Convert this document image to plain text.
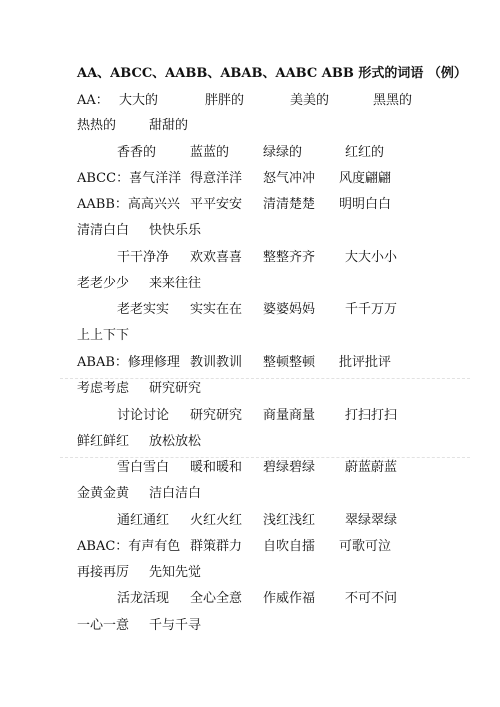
AA、ABCC、AABB、ABAB、AABC ABB 形式的词语 （例）
AA： 大大的	胖胖的	美美的	黑黑的
热热的	甜甜的
香香的	蓝蓝的	绿绿的	红红的
ABCC：喜气洋洋 得意洋洋 怒气冲冲 风度翩翩
AABB：高高兴兴 平平安安 清清楚楚 明明白白
清清白白 快快乐乐
干干净净 欢欢喜喜 整整齐齐 大大小小
老老少少 来来往往
老老实实 实实在在 婆婆妈妈 千千万万
上上下下
ABAB：修理修理 教训教训 整顿整顿 批评批评
考虑考虑 研究研究
讨论讨论 研究研究 商量商量 打扫打扫
鲜红鲜红 放松放松
雪白雪白 暖和暖和 碧绿碧绿 蔚蓝蔚蓝
金黄金黄 洁白洁白
通红通红 火红火红 浅红浅红 翠绿翠绿
ABAC：有声有色 群策群力 自吹自擂 可歌可泣
再接再厉 先知先觉
活龙活现 全心全意 作威作福 不可不问
一心一意 千与千寻
